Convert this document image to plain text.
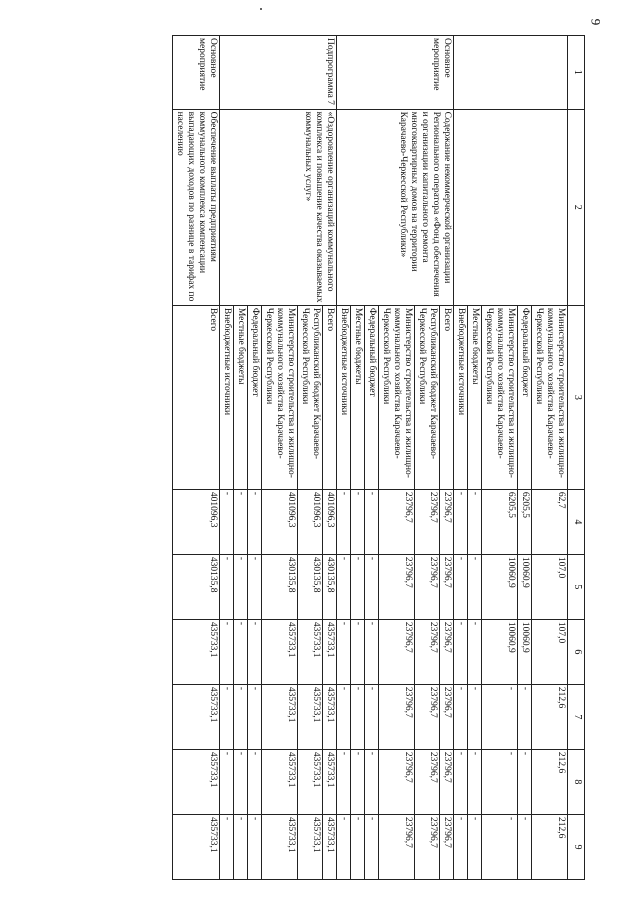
9
1	2	3	4	5	6	7	8	9
		Министерство строительства и жилищно-коммунального хозяйства Карачаево-Черкесской Республики	62,7	107,0	107,0	212,6	212,6	212,6
		Федеральный бюджет	6205,5	10060,9	10060,9	-	-	-
		Министерство строительства и жилищно-коммунального хозяйства Карачаево-Черкесской Республики	6205,5	10060,9	10060,9	-	-	-
		Местные бюджеты	-	-	-	-	-	-
		Внебюджетные источники	-	-	-	-	-	-
Основное мероприятие	Содержание некоммерческой организации Регионального оператора «Фонд обеспечения и организации капитального ремонта многоквартирных домов на территории Карачаево-Черкесской Республики»	Всего	23796,7	23796,7	23796,7	23796,7	23796,7	23796,7
		Республиканский бюджет Карачаево-Черкесской Республики	23796,7	23796,7	23796,7	23796,7	23796,7	23796,7
		Министерство строительства и жилищно-коммунального хозяйства Карачаево-Черкесской Республики	23796,7	23796,7	23796,7	23796,7	23796,7	23796,7
		Федеральный бюджет	-	-	-	-	-	-
		Местные бюджеты	-	-	-	-	-	-
		Внебюджетные источники	-	-	-	-	-	-
Подпрограмма 7	«Оздоровление организаций коммунального комплекса и повышение качества оказываемых коммунальных услуг»	Всего	401096,3	430135,8	435733,1	435733,1	435733,1	435733,1
		Республиканский бюджет Карачаево-Черкесской Республики	401096,3	430135,8	435733,1	435733,1	435733,1	435733,1
		Министерство строительства и жилищно-коммунального хозяйства Карачаево-Черкесской Республики	401096,3	430135,8	435733,1	435733,1	435733,1	435733,1
		Федеральный бюджет	-	-	-	-	-	-
		Местные бюджеты	-	-	-	-	-	-
		Внебюджетные источники	-	-	-	-	-	-
Основное мероприятие	Обеспечение выплаты предприятиям коммунального комплекса компенсации выпадающих доходов по разнице в тарифах по населению	Всего	401096,3	430135,8	435733,1	435733,1	435733,1	435733,1
